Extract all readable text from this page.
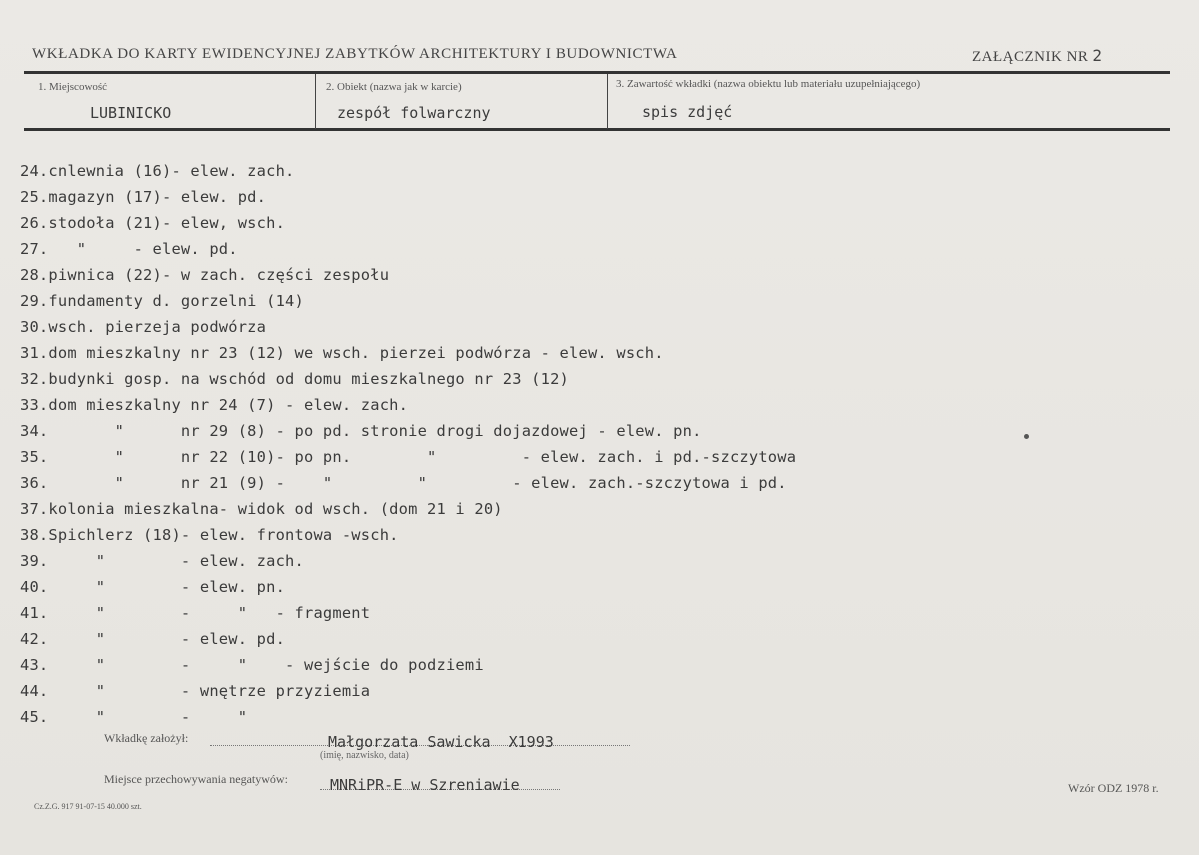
WKŁADKA DO KARTY EWIDENCYJNEJ ZABYTKÓW ARCHITEKTURY I BUDOWNICTWA	ZAŁĄCZNIK NR 2
1. Miejscowość
LUBINICKO
2. Obiekt (nazwa jak w karcie)
zespół folwarczny
3. Zawartość wkładki (nazwa obiektu lub materiału uzupełniającego)
spis zdjęć
24.cnlewnia (16)- elew. zach.
25.magazyn (17)- elew. pd.
26.stodoła (21)- elew, wsch.
27.   "     - elew. pd.
28.piwnica (22)- w zach. części zespołu
29.fundamenty d. gorzelni (14)
30.wsch. pierzeja podwórza
31.dom mieszkalny nr 23 (12) we wsch. pierzei podwórza - elew. wsch.
32.budynki gosp. na wschód od domu mieszkalnego nr 23 (12)
33.dom mieszkalny nr 24 (7) - elew. zach.
34.       "      nr 29 (8) - po pd. stronie drogi dojazdowej - elew. pn.
35.       "      nr 22 (10)- po pn.        "         - elew. zach. i pd.-szczytowa
36.       "      nr 21 (9) -    "         "         - elew. zach.-szczytowa i pd.
37.kolonia mieszkalna- widok od wsch. (dom 21 i 20)
38.Spichlerz (18)- elew. frontowa -wsch.
39.     "        - elew. zach.
40.     "        - elew. pn.
41.     "        -     "   - fragment
42.     "        - elew. pd.
43.     "        -     "    - wejście do podziemi
44.     "        - wnętrze przyziemia
45.     "        -     "
Wkładkę założył:	Małgorzata Sawicka  X1993
(imię, nazwisko, data)
Miejsce przechowywania negatywów:	MNRiPR-E w Szreniawie
Cz.Z.G. 917 91-07-15 40.000 szt.
Wzór ODZ 1978 r.
